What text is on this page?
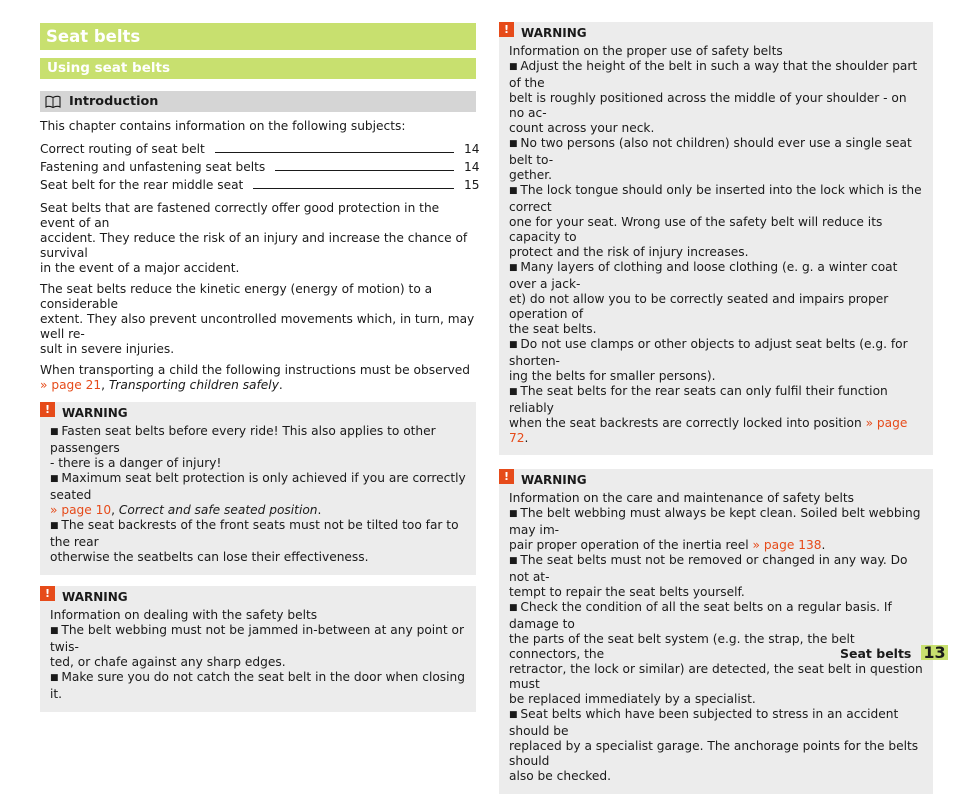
Seat belts
Using seat belts
Introduction

This chapter contains information on the following subjects:

Correct routing of seat belt	14
Fastening and unfastening seat belts	14
Seat belt for the rear middle seat	15

Seat belts that are fastened correctly offer good protection in the event of an
accident. They reduce the risk of an injury and increase the chance of survival
in the event of a major accident.

The seat belts reduce the kinetic energy (energy of motion) to a considerable
extent. They also prevent uncontrolled movements which, in turn, may well re-
sult in severe injuries.

When transporting a child the following instructions must be observed
» page 21, Transporting children safely.

! WARNING
■ Fasten seat belts before every ride! This also applies to other passengers
- there is a danger of injury!
■ Maximum seat belt protection is only achieved if you are correctly seated
» page 10, Correct and safe seated position.
■ The seat backrests of the front seats must not be tilted too far to the rear
otherwise the seatbelts can lose their effectiveness.
! WARNING
Information on dealing with the safety belts
■ The belt webbing must not be jammed in-between at any point or twis-
ted, or chafe against any sharp edges.
■ Make sure you do not catch the seat belt in the door when closing it.
! WARNING
Information on the proper use of safety belts
■ Adjust the height of the belt in such a way that the shoulder part of the
belt is roughly positioned across the middle of your shoulder - on no ac-
count across your neck.
■ No two persons (also not children) should ever use a single seat belt to-
gether.
■ The lock tongue should only be inserted into the lock which is the correct
one for your seat. Wrong use of the safety belt will reduce its capacity to
protect and the risk of injury increases.
■ Many layers of clothing and loose clothing (e. g. a winter coat over a jack-
et) do not allow you to be correctly seated and impairs proper operation of
the seat belts.
■ Do not use clamps or other objects to adjust seat belts (e.g. for shorten-
ing the belts for smaller persons).
■ The seat belts for the rear seats can only fulfil their function reliably
when the seat backrests are correctly locked into position » page 72.
! WARNING
Information on the care and maintenance of safety belts
■ The belt webbing must always be kept clean. Soiled belt webbing may im-
pair proper operation of the inertia reel » page 138.
■ The seat belts must not be removed or changed in any way. Do not at-
tempt to repair the seat belts yourself.
■ Check the condition of all the seat belts on a regular basis. If damage to
the parts of the seat belt system (e.g. the strap, the belt connectors, the
retractor, the lock or similar) are detected, the seat belt in question must
be replaced immediately by a specialist.
■ Seat belts which have been subjected to stress in an accident should be
replaced by a specialist garage. The anchorage points for the belts should
also be checked.
Seat belts 13
